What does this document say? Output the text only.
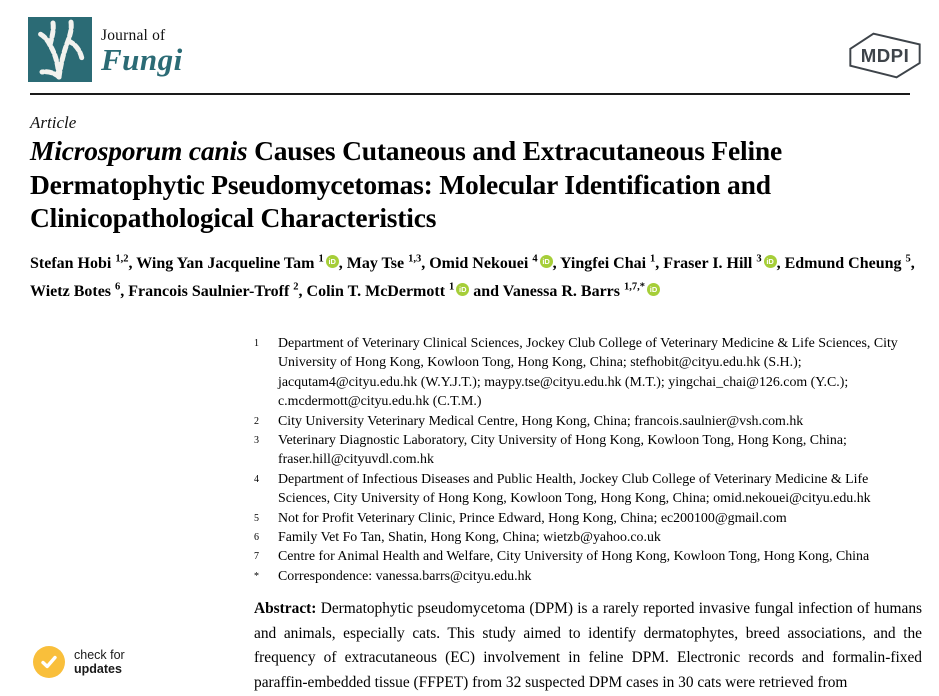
Journal of
Fungi	MDPI
Article
Microsporum canis Causes Cutaneous and Extracutaneous Feline Dermatophytic Pseudomycetomas: Molecular Identification and Clinicopathological Characteristics
Stefan Hobi $^{1,2}$, Wing Yan Jacqueline Tam $^1$ iD , May Tse $^{1,3}$, Omid Nekouei $^4$ iD , Yingfei Chai $^1$, Fraser I. Hill $^3$ iD , Edmund Cheung $^5$, Wietz Botes $^6$, Francois Saulnier-Troff $^2$, Colin T. McDermott $^1$ iD and Vanessa R. Barrs $^{1,7,*}$ iD
1	Department of Veterinary Clinical Sciences, Jockey Club College of Veterinary Medicine & Life Sciences, City University of Hong Kong, Kowloon Tong, Hong Kong, China; stefhobit@cityu.edu.hk (S.H.); jacqutam4@cityu.edu.hk (W.Y.J.T.); maypy.tse@cityu.edu.hk (M.T.); yingchai_chai@126.com (Y.C.); c.mcdermott@cityu.edu.hk (C.T.M.)
2	City University Veterinary Medical Centre, Hong Kong, China; francois.saulnier@vsh.com.hk
3	Veterinary Diagnostic Laboratory, City University of Hong Kong, Kowloon Tong, Hong Kong, China; fraser.hill@cityuvdl.com.hk
4	Department of Infectious Diseases and Public Health, Jockey Club College of Veterinary Medicine & Life Sciences, City University of Hong Kong, Kowloon Tong, Hong Kong, China; omid.nekouei@cityu.edu.hk
5	Not for Profit Veterinary Clinic, Prince Edward, Hong Kong, China; ec200100@gmail.com
6	Family Vet Fo Tan, Shatin, Hong Kong, China; wietzb@yahoo.co.uk
7	Centre for Animal Health and Welfare, City University of Hong Kong, Kowloon Tong, Hong Kong, China
*	Correspondence: vanessa.barrs@cityu.edu.hk
Abstract: Dermatophytic pseudomycetoma (DPM) is a rarely reported invasive fungal infection of humans and animals, especially cats. This study aimed to identify dermatophytes, breed associations, and the frequency of extracutaneous (EC) involvement in feline DPM. Electronic records and formalin-fixed paraffin-embedded tissue (FFPET) from 32 suspected DPM cases in 30 cats were retrieved from
check for
updates
